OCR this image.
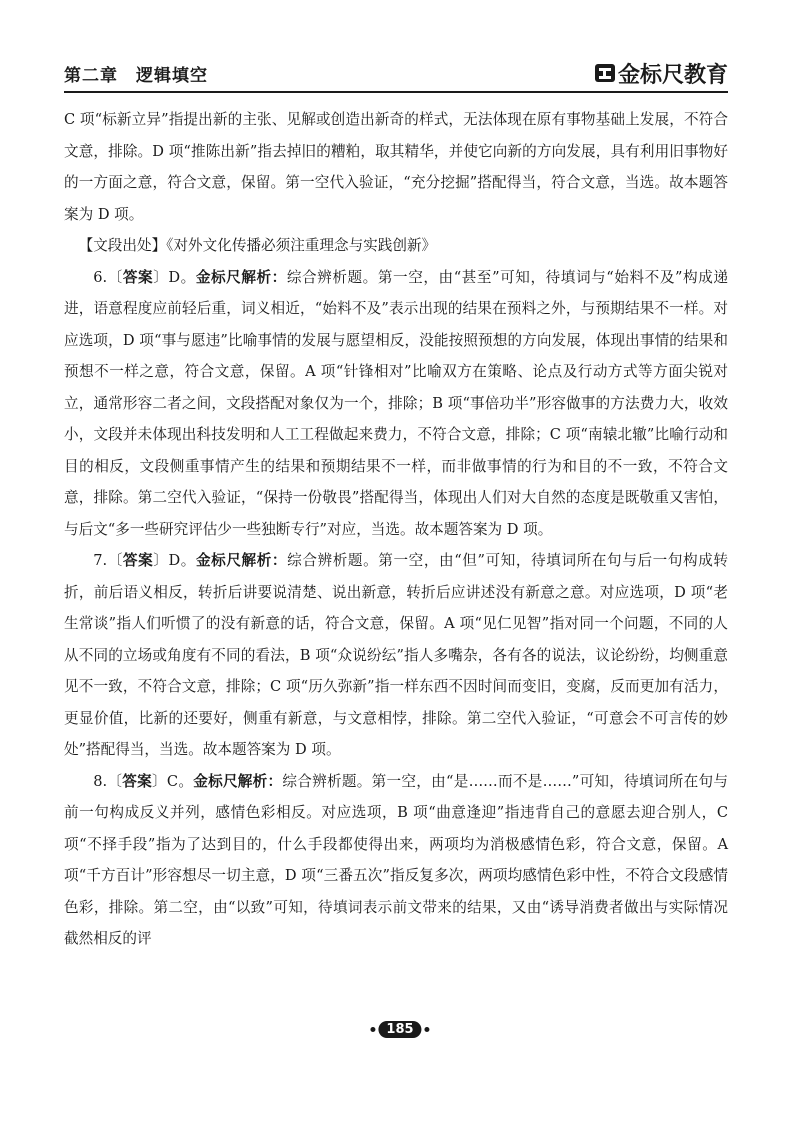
第二章　逻辑填空	金标尺教育

C 项“标新立异”指提出新的主张、见解或创造出新奇的样式，无法体现在原有事物基础上发展，不符合文意，排除。D 项“推陈出新”指去掉旧的糟粕，取其精华，并使它向新的方向发展，具有利用旧事物好的一方面之意，符合文意，保留。第一空代入验证，“充分挖掘”搭配得当，符合文意，当选。故本题答案为 D 项。

【文段出处】《对外文化传播必须注重理念与实践创新》

6.〔答案〕D。金标尺解析：综合辨析题。第一空，由“甚至”可知，待填词与“始料不及”构成递进，语意程度应前轻后重，词义相近，“始料不及”表示出现的结果在预料之外，与预期结果不一样。对应选项，D 项“事与愿违”比喻事情的发展与愿望相反，没能按照预想的方向发展，体现出事情的结果和预想不一样之意，符合文意，保留。A 项“针锋相对”比喻双方在策略、论点及行动方式等方面尖锐对立，通常形容二者之间，文段搭配对象仅为一个，排除；B 项“事倍功半”形容做事的方法费力大，收效小，文段并未体现出科技发明和人工工程做起来费力，不符合文意，排除；C 项“南辕北辙”比喻行动和目的相反，文段侧重事情产生的结果和预期结果不一样，而非做事情的行为和目的不一致，不符合文意，排除。第二空代入验证，“保持一份敬畏”搭配得当，体现出人们对大自然的态度是既敬重又害怕，与后文“多一些研究评估少一些独断专行”对应，当选。故本题答案为 D 项。

7.〔答案〕D。金标尺解析：综合辨析题。第一空，由“但”可知，待填词所在句与后一句构成转折，前后语义相反，转折后讲要说清楚、说出新意，转折后应讲述没有新意之意。对应选项，D 项“老生常谈”指人们听惯了的没有新意的话，符合文意，保留。A 项“见仁见智”指对同一个问题，不同的人从不同的立场或角度有不同的看法，B 项“众说纷纭”指人多嘴杂，各有各的说法，议论纷纷，均侧重意见不一致，不符合文意，排除；C 项“历久弥新”指一样东西不因时间而变旧，变腐，反而更加有活力，更显价值，比新的还要好，侧重有新意，与文意相悖，排除。第二空代入验证，“可意会不可言传的妙处”搭配得当，当选。故本题答案为 D 项。

8.〔答案〕C。金标尺解析：综合辨析题。第一空，由“是……而不是……”可知，待填词所在句与前一句构成反义并列，感情色彩相反。对应选项，B 项“曲意逢迎”指违背自己的意愿去迎合别人，C 项“不择手段”指为了达到目的，什么手段都使得出来，两项均为消极感情色彩，符合文意，保留。A 项“千方百计”形容想尽一切主意，D 项“三番五次”指反复多次，两项均感情色彩中性，不符合文段感情色彩，排除。第二空，由“以致”可知，待填词表示前文带来的结果，又由“诱导消费者做出与实际情况截然相反的评

185
